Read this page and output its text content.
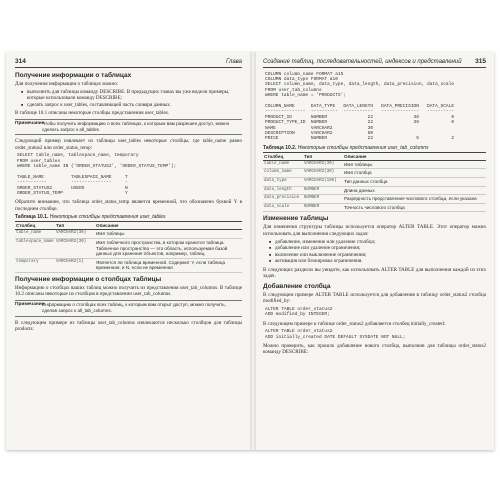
314	Глава
Получение информации о таблицах

Для получения информации о таблицах можно:

■ выполнить для таблицы команду DESCRIBE. В предыдущих главах вы уже видели примеры, которые использовали команду DESCRIBE;
■ сделать запрос к user_tables, составляющей часть словаря данных.

В таблице 10.1 описаны некоторые столбцы представления user_tables.

Примечание
Чтобы получить информацию о всех таблицах, к которым вам разрешен доступ, можно сделать запрос к all_tables.

Следующий пример извлекает из таблицы user_tables некоторые столбцы, где table_name равно order_status2 или order_status_temp:

SELECT table_name, tablespace_name, temporary
FROM user_tables
WHERE table_name IN ('ORDER_STATUS2', 'ORDER_STATUS_TEMP');

TABLE_NAME          TABLESPACE_NAME     T
-----------         ---------------     -
ORDER_STATUS2       USERS               N
ORDER_STATUS_TEMP                       Y

Обратите внимание, что таблица order_status_temp является временной, что обозначено буквой Y в последнем столбце.

Таблица 10.1. Некоторые столбцы представления user_tables
Столбец	Тип	Описание
table_name	VARCHAR2(30)	Имя таблицы
tablespace_name	VARCHAR2(30)	Имя табличного пространства, в котором хранится таблица. Табличное пространство — это область, используемая базой данных для хранения объектов, например, таблиц.
temporary	VARCHAR2(1)	Является ли таблица временной. Содержит Y, если таблица временная, и N, если не временная
Получение информации о столбцах таблицы

Информацию о столбцах ваших таблиц можно получить из представления user_tab_columns. В таблице 10.2 описаны некоторые из столбцов в представлении user_tab_columns.

Примечание
Информацию о столбцах всех таблиц, к которым вам открыт доступ, можно получить, сделав запрос к all_tab_columns.

В следующем примере из таблицы user_tab_columns извлекаются несколько столбцов для таблицы products:

Создание таблиц, последовательностей, индексов и представлений 315
COLUMN column_name FORMAT a15
COLUMN data_type FORMAT a10
SELECT column_name, data_type, data_length, data_precision, data_scale
FROM user_tab_columns
WHERE table_name = 'PRODUCTS';

COLUMN_NAME      DATA_TYPE   DATA_LENGTH   DATA_PRECISION   DATA_SCALE
---------------  ----------  -----------   --------------   ----------
PRODUCT_ID       NUMBER               22               38            0
PRODUCT_TYPE_ID  NUMBER               22               38            0
NAME             VARCHAR2             30
DESCRIPTION      VARCHAR2             50
PRICE            NUMBER               22                5            2
Таблица 10.2. Некоторые столбцы представления user_tab_columns
Столбец	Тип	Описание
table_name	VARCHAR2(30)	Имя таблицы
column_name	VARCHAR2(30)	Имя столбца
data_type	VARCHAR2(106)	Тип данных столбца
data_length	NUMBER	Длина данных
data_precision	NUMBER	Разрядность представления числового столбца, если указана
data_scale	NUMBER	Точность числового столбца
Изменение таблицы

Для изменения структуры таблицы используется оператор ALTER TABLE. Этот оператор можно использовать для выполнения следующих задач:

■ добавление, изменение или удаление столбца;
■ добавление или удаление ограничения;
■ включение или выключение ограничения;
■ активация или блокировка ограничения.

В следующих разделах вы увидите, как использовать ALTER TABLE для выполнения каждой из этих задач.

Добавление столбца

В следующем примере ALTER TABLE используется для добавления в таблицу order_status2 столбца modified_by:

ALTER TABLE order_status2
ADD modified_by INTEGER;

В следующем примере к таблице order_status2 добавляется столбец initially_created:

ALTER TABLE order_status2
ADD initially_created DATE DEFAULT SYSDATE NOT NULL;

Можно проверить, как прошло добавление нового столбца, выполнив для таблицы order_status2 команду DESCRIBE:
